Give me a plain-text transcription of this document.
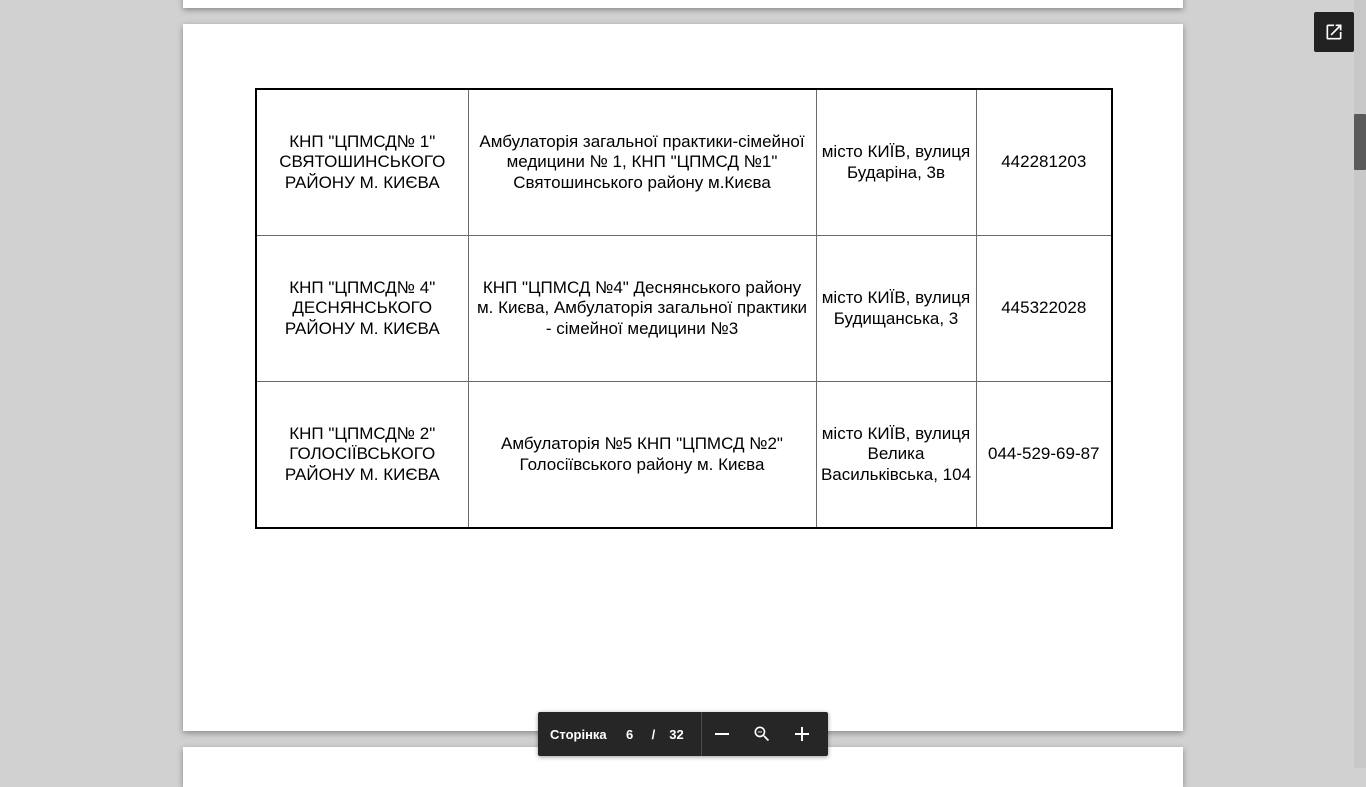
КНП "ЦПМСД№ 1" СВЯТОШИНСЬКОГО РАЙОНУ М. КИЄВА	Амбулаторія загальної практики-сімейної медицини № 1, КНП "ЦПМСД №1" Святошинського району м.Києва	місто КИЇВ, вулиця Бударіна, 3в	442281203
КНП "ЦПМСД№ 4" ДЕСНЯНСЬКОГО РАЙОНУ М. КИЄВА	КНП "ЦПМСД №4" Деснянського району м. Києва, Амбулаторія загальної практики - сімейної медицини №3	місто КИЇВ, вулиця Будищанська, 3	445322028
КНП "ЦПМСД№ 2" ГОЛОСІЇВСЬКОГО РАЙОНУ М. КИЄВА	Амбулаторія №5 КНП "ЦПМСД №2" Голосіївського району м. Києва	місто КИЇВ, вулиця Велика Васильківська, 104	044-529-69-87
Сторінка 6 / 32
